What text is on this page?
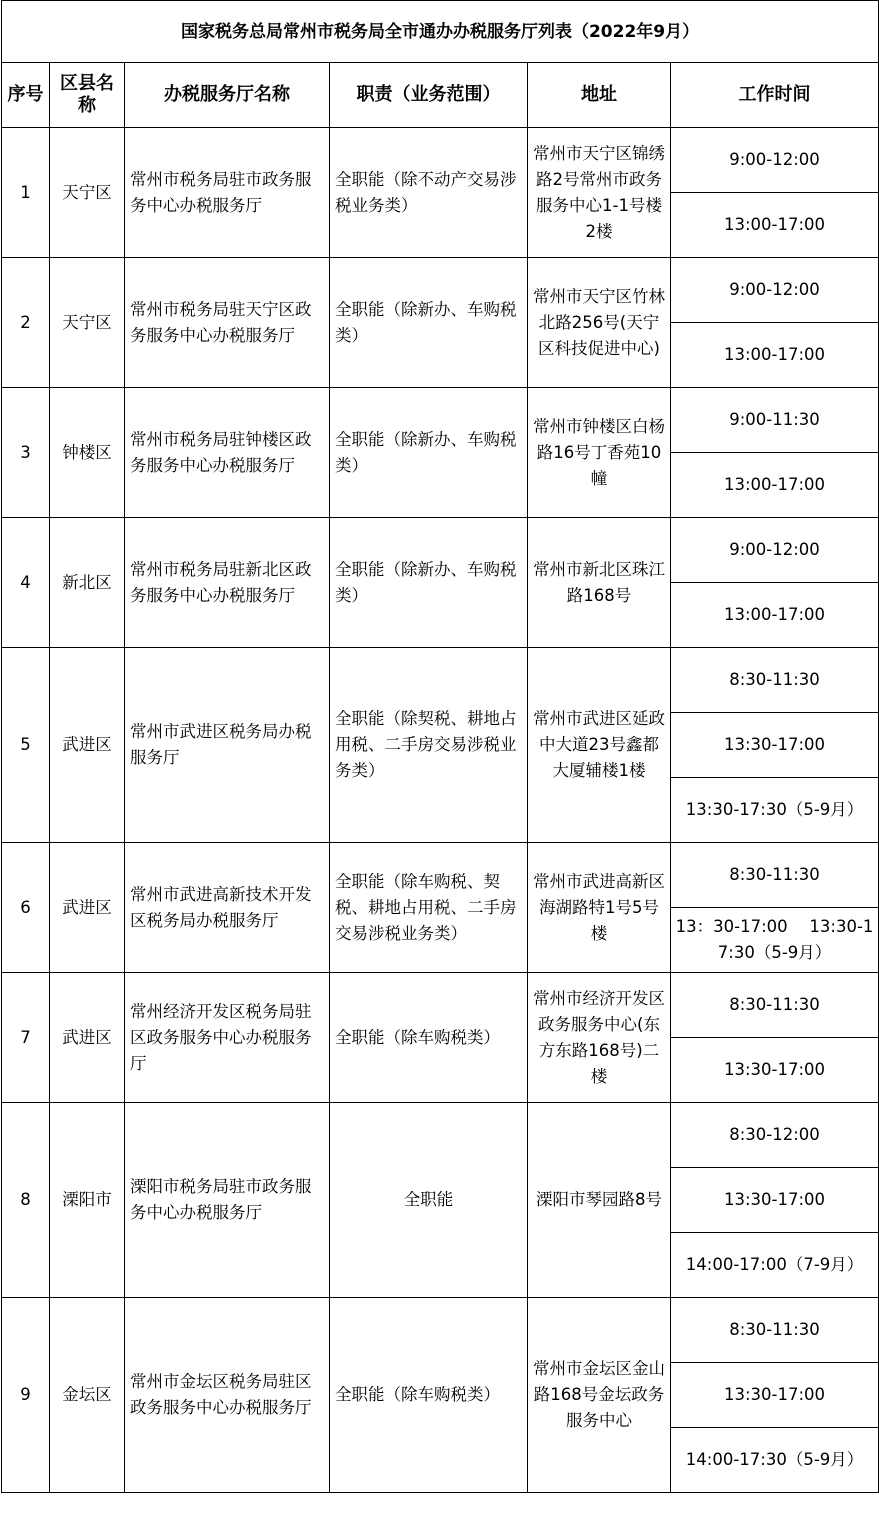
国家税务总局常州市税务局全市通办办税服务厅列表（2022年9月）					
序号	区县名称	办税服务厅名称	职责（业务范围）	地址	工作时间
1	天宁区	常州市税务局驻市政务服务中心办税服务厅	全职能（除不动产交易涉税业务类）	常州市天宁区锦绣路2号常州市政务服务中心1-1号楼2楼	9:00-12:00
					13:00-17:00
2	天宁区	常州市税务局驻天宁区政务服务中心办税服务厅	全职能（除新办、车购税类）	常州市天宁区竹林北路256号(天宁区科技促进中心)	9:00-12:00
					13:00-17:00
3	钟楼区	常州市税务局驻钟楼区政务服务中心办税服务厅	全职能（除新办、车购税类）	常州市钟楼区白杨路16号丁香苑10幢	9:00-11:30
					13:00-17:00
4	新北区	常州市税务局驻新北区政务服务中心办税服务厅	全职能（除新办、车购税类）	常州市新北区珠江路168号	9:00-12:00
					13:00-17:00
5	武进区	常州市武进区税务局办税服务厅	全职能（除契税、耕地占用税、二手房交易涉税业务类）	常州市武进区延政中大道23号鑫都大厦辅楼1楼	8:30-11:30
					13:30-17:00
					13:30-17:30（5-9月）
6	武进区	常州市武进高新技术开发区税务局办税服务厅	全职能（除车购税、契税、耕地占用税、二手房交易涉税业务类）	常州市武进高新区海湖路特1号5号楼	8:30-11:30
					13：30-17:00　 13:30-17:30（5-9月）
7	武进区	常州经济开发区税务局驻区政务服务中心办税服务厅	全职能（除车购税类）	常州市经济开发区政务服务中心(东方东路168号)二楼	8:30-11:30
					13:30-17:00
8	溧阳市	溧阳市税务局驻市政务服务中心办税服务厅	全职能	溧阳市琴园路8号	8:30-12:00
					13:30-17:00
					14:00-17:00（7-9月）
9	金坛区	常州市金坛区税务局驻区政务服务中心办税服务厅	全职能（除车购税类）	常州市金坛区金山路168号金坛政务服务中心	8:30-11:30
					13:30-17:00
					14:00-17:30（5-9月）
